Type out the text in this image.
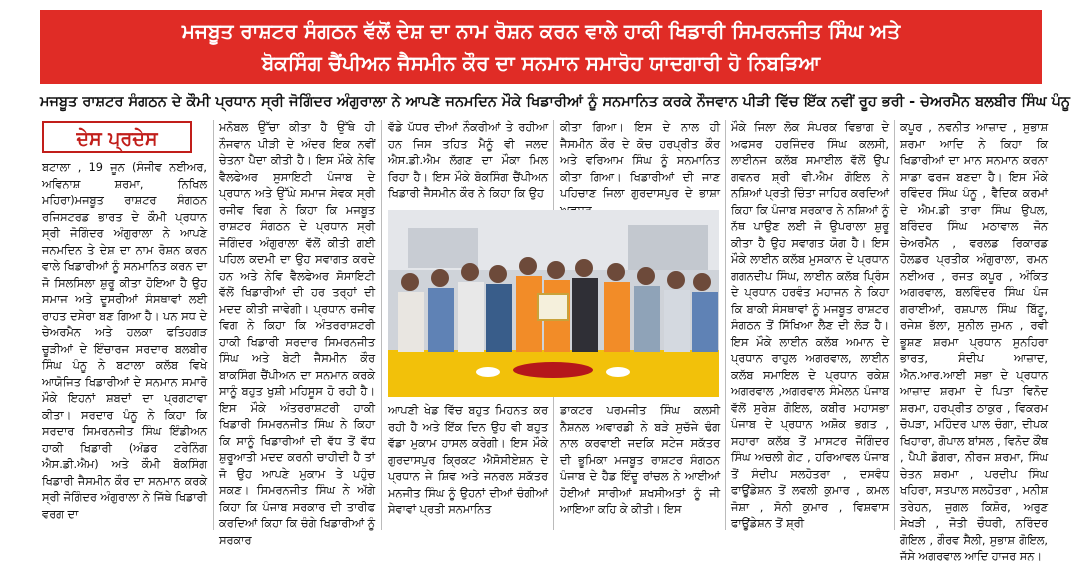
ਮਜਬੂਤ ਰਾਸ਼ਟਰ ਸੰਗਠਨ ਵੱਲੋਂ ਦੇਸ਼ ਦਾ ਨਾਮ ਰੋਸ਼ਨ ਕਰਨ ਵਾਲੇ ਹਾਕੀ ਖਿਡਾਰੀ ਸਿਮਰਨਜੀਤ ਸਿੰਘ ਅਤੇ
ਬੋਕਸਿੰਗ ਚੈਂਪੀਅਨ ਜੈਸਮੀਨ ਕੌਰ ਦਾ ਸਨਮਾਨ ਸਮਾਰੋਹ ਯਾਦਗਾਰੀ ਹੋ ਨਿਬੜਿਆ
ਮਜਬੂਤ ਰਾਸ਼ਟਰ ਸੰਗਠਨ ਦੇ ਕੌਮੀ ਪ੍ਰਧਾਨ ਸ੍ਰੀ ਜੋਗਿੰਦਰ ਅੰਗੁਰਾਲਾ ਨੇ ਆਪਣੇ ਜਨਮਦਿਨ ਮੌਕੇ ਖਿਡਾਰੀਆਂ ਨੂੰ ਸਨਮਾਨਿਤ ਕਰਕੇ ਨੌਜਵਾਨ ਪੀੜੀ ਵਿੱਚ ਇੱਕ ਨਵੀਂ ਰੂਹ ਭਰੀ - ਚੇਅਰਮੈਨ ਬਲਬੀਰ ਸਿੰਘ ਪੰਨੂ
ਦੇਸ ਪ੍ਰਦੇਸ

ਬਟਾਲਾ , 19 ਜੂਨ (ਸੰਜੀਵ ਨਈਅਰ, ਅਵਿਨਾਸ਼ ਸ਼ਰਮਾ, ਨਿਖਿਲ ਮਹਿਰਾ)ਮਜਬੂਤ ਰਾਸ਼ਟਰ ਸੰਗਠਨ ਰਜਿਸਟਰਡ ਭਾਰਤ ਦੇ ਕੌਮੀ ਪ੍ਰਧਾਨ ਸ੍ਰੀ ਜੋਗਿੰਦਰ ਅੰਗੁਰਾਲਾ ਨੇ ਆਪਣੇ ਜਨਮਦਿਨ ਤੇ ਦੇਸ਼ ਦਾ ਨਾਮ ਰੋਸ਼ਨ ਕਰਨ ਵਾਲੇ ਖਿਡਾਰੀਆਂ ਨੂੰ ਸਨਮਾਨਿਤ ਕਰਨ ਦਾ ਜੋ ਸਿਲਸਿਲਾ ਸ਼ੁਰੂ ਕੀਤਾ ਹੋਇਆ ਹੈ ਉਹ ਸਮਾਜ ਅਤੇ ਦੂਸਰੀਆਂ ਸੰਸਥਾਵਾਂ ਲਈ ਰਾਹਤ ਦਸੇਰਾ ਬਣ ਗਿਆ ਹੈ। ਪਨ ਸਧ ਦੇ ਚੇਅਰਮੈਨ ਅਤੇ ਹਲਕਾ ਫਤਿਹਗੜ ਚੂੜੀਆਂ ਦੇ ਇੰਚਾਰਜ ਸਰਦਾਰ ਬਲਬੀਰ ਸਿੰਘ ਪੰਨੂ ਨੇ ਬਟਾਲਾ ਕਲੱਬ ਵਿਖੇ ਆਯੋਜਿਤ ਖਿਡਾਰੀਆਂ ਦੇ ਸਨਮਾਨ ਸਮਾਰੋ ਮੌਕੇ ਇਹਨਾਂ ਸ਼ਬਦਾਂ ਦਾ ਪ੍ਰਗਟਾਵਾ ਕੀਤਾ। ਸਰਦਾਰ ਪੰਨੂ ਨੇ ਕਿਹਾ ਕਿ ਸਰਦਾਰ ਸਿਮਰਨਜੀਤ ਸਿੰਘ ਇੰਡੀਅਨ ਹਾਕੀ ਖਿਡਾਰੀ (ਅੰਡਰ ਟਰੇਨਿੰਗ ਐਸ.ਡੀ.ਐਮ) ਅਤੇ ਕੌਮੀ ਬੋਕਸਿੰਗ ਖਿਡਾਰੀ ਜੈਸਮੀਨ ਕੌਰ ਦਾ ਸਨਮਾਨ ਕਰਕੇ ਸ੍ਰੀ ਜੋਗਿੰਦਰ ਅੰਗੁਰਾਲਾ ਨੇ ਜਿੱਥੇ ਖਿਡਾਰੀ ਵਰਗ ਦਾ

ਮਨੋਬਲ ਉੱਚਾ ਕੀਤਾ ਹੈ ਉੱਥੇ ਹੀ ਨੌਜਵਾਨ ਪੀੜੀ ਦੇ ਅੰਦਰ ਇਕ ਨਵੀਂ ਚੇਤਨਾ ਪੈਦਾ ਕੀਤੀ ਹੈ। ਇਸ ਮੌਕੇ ਨੇਵਿ ਵੈਲਫੇਅਰ ਸੁਸਾਇਟੀ ਪੰਜਾਬ ਦੇ ਪ੍ਰਧਾਨ ਅਤੇ ਉੱਘੇ ਸਮਾਜ ਸੇਵਕ ਸ੍ਰੀ ਰਜੀਵ ਵਿਗ ਨੇ ਕਿਹਾ ਕਿ ਮਜਬੂਤ ਰਾਸ਼ਟਰ ਸੰਗਠਨ ਦੇ ਪ੍ਰਧਾਨ ਸ੍ਰੀ ਜੋਗਿੰਦਰ ਅੰਗੁਰਾਲਾ ਵੱਲੋਂ ਕੀਤੀ ਗਈ ਪਹਿਲ ਕਦਮੀ ਦਾ ਉਹ ਸਵਾਗਤ ਕਰਦੇ ਹਨ ਅਤੇ ਨੇਵਿ ਵੈਲਫੇਅਰ ਸੋਸਾਇਟੀ ਵੱਲੋਂ ਖਿਡਾਰੀਆਂ ਦੀ ਹਰ ਤਰ੍ਹਾਂ ਦੀ ਮਦਦ ਕੀਤੀ ਜਾਵੇਗੀ। ਪ੍ਰਧਾਨ ਰਜੀਵ ਵਿਗ ਨੇ ਕਿਹਾ ਕਿ ਅੰਤਰਰਾਸ਼ਟਰੀ ਹਾਕੀ ਖਿਡਾਰੀ ਸਰਦਾਰ ਸਿਮਰਨਜੀਤ ਸਿੰਘ ਅਤੇ ਬੇਟੀ ਜੈਸਮੀਨ ਕੌਰ ਬਾਕਸਿੰਗ ਚੈਂਪੀਅਨ ਦਾ ਸਨਮਾਨ ਕਰਕੇ ਸਾਨੂੰ ਬਹੁਤ ਖੁਸ਼ੀ ਮਹਿਸੂਸ ਹੋ ਰਹੀ ਹੈ। ਇਸ ਮੌਕੇ ਅੰਤਰਰਾਸ਼ਟਰੀ ਹਾਕੀ ਖਿਡਾਰੀ ਸਿਮਰਨਜੀਤ ਸਿੰਘ ਨੇ ਕਿਹਾ ਕਿ ਸਾਨੂੰ ਖਿਡਾਰੀਆਂ ਦੀ ਵੱਧ ਤੋਂ ਵੱਧ ਸ਼ੁਰੂਆਤੀ ਮਦਦ ਕਰਨੀ ਚਾਹੀਦੀ ਹੈ ਤਾਂ ਜੋ ਉਹ ਆਪਣੇ ਮੁਕਾਮ ਤੇ ਪਹੁੰਚ ਸਕਣ। ਸਿਮਰਨਜੀਤ ਸਿੰਘ ਨੇ ਅੱਗੇ ਕਿਹਾ ਕਿ ਪੰਜਾਬ ਸਰਕਾਰ ਦੀ ਤਾਰੀਫ ਕਰਦਿਆਂ ਕਿਹਾ ਕਿ ਚੰਗੇ ਖਿਡਾਰੀਆਂ ਨੂੰ ਸਰਕਾਰ

ਵੱਡੇ ਪੱਧਰ ਦੀਆਂ ਨੌਕਰੀਆਂ ਤੇ ਰਹੀਆ ਹਨ ਜਿਸ ਤਹਿਤ ਮੈਨੂੰ ਵੀ ਜਲਦ ਐਸ.ਡੀ.ਐਮ ਲੱਗਣ ਦਾ ਮੌਕਾ ਮਿਲ ਰਿਹਾ ਹੈ। ਇਸ ਮੌਕੇ ਬੋਕਸਿੰਗ ਚੈਂਪੀਅਨ ਖਿਡਾਰੀ ਜੈਸਮੀਨ ਕੌਰ ਨੇ ਕਿਹਾ ਕਿ ਉਹ

ਕੀਤਾ ਗਿਆ। ਇਸ ਦੇ ਨਾਲ ਹੀ ਜੈਸਮੀਨ ਕੌਰ ਦੇ ਕੋਚ ਹਰਪ੍ਰੀਤ ਕੌਰ ਅਤੇ ਵਰਿਆਮ ਸਿੰਘ ਨੂੰ ਸਨਮਾਨਿਤ ਕੀਤਾ ਗਿਆ। ਖਿਡਾਰੀਆਂ ਦੀ ਜਾਣ ਪਹਿਚਾਣ ਜਿਲਾ ਗੁਰਦਾਸਪੁਰ ਦੇ ਭਾਸ਼ਾ

ਮੌਕੇ ਜਿਲਾ ਲੋਕ ਸੰਪਰਕ ਵਿਭਾਗ ਦੇ ਅਫਸਰ ਹਰਜਿੰਦਰ ਸਿੰਘ ਕਲਸੀ, ਲਾਈਨਜ ਕਲੱਬ ਸਮਾਈਲ ਵੱਲੋਂ ਉਪ ਗਵਨਰ ਸ਼੍ਰੀ ਵੀ.ਐਮ ਗੋਇਲ ਨੇ ਨਸ਼ਿਆਂ ਪ੍ਰਤੀ ਚਿੰਤਾ ਜਾਹਿਰ ਕਰਦਿਆਂ ਕਿਹਾ ਕਿ ਪੰਜਾਬ ਸਰਕਾਰ ਨੇ ਨਸ਼ਿਆਂ ਨੂੰ ਨੱਥ ਪਾਉਣ ਲਈ ਜੋ ਉਪਰਾਲਾ ਸ਼ੁਰੂ ਕੀਤਾ ਹੈ ਉਹ ਸਵਾਗਤ ਯੋਗ ਹੈ। ਇਸ ਮੌਕੇ ਲਾਈਨ ਕਲੱਬ ਮੁਸਕਾਨ ਦੇ ਪ੍ਰਧਾਨ ਗਗਨਦੀਪ ਸਿੰਘ, ਲਾਈਨ ਕਲੱਬ ਪ੍ਰਿੰਸ ਦੇ ਪ੍ਰਧਾਨ ਹਰਵੰਤ ਮਹਾਜਨ ਨੇ ਕਿਹਾ ਕਿ ਬਾਕੀ ਸੰਸਥਾਵਾਂ ਨੂੰ ਮਜਬੂਤ ਰਾਸ਼ਟਰ ਸੰਗਠਨ ਤੋਂ ਸਿੱਖਿਆ ਲੈਣ ਦੀ ਲੋੜ ਹੈ। ਇਸ ਮੌਕੇ ਲਾਈਨ ਕਲੱਬ ਅਮਾਨ ਦੇ ਪ੍ਰਧਾਨ ਰਾਹੁਲ ਅਗਰਵਾਲ, ਲਾਈਨ ਕਲੱਬ ਸਮਾਇਲ ਦੇ ਪ੍ਰਧਾਨ ਰਕੇਸ਼ ਅਗਰਵਾਲ ,ਅਗਰਵਾਲ ਸੰਮੇਲਨ ਪੰਜਾਬ ਵੱਲੋਂ ਸੁਰੇਸ਼ ਗੋਇਲ, ਕਬੀਰ ਮਹਾਸਭਾ ਪੰਜਾਬ ਦੇ ਪ੍ਰਧਾਨ ਅਸ਼ੋਕ ਭਗਤ , ਸਹਾਰਾ ਕਲੱਬ ਤੋਂ ਮਾਸਟਰ ਜੋਗਿੰਦਰ ਸਿੰਘ ਅਚਲੀ ਗੇਟ , ਹਰਿਆਵਲ ਪੰਜਾਬ ਤੋਂ ਸੰਦੀਪ ਸਲਹੋਤਰਾ , ਦਸਵੰਧ ਫਾਊਂਡੇਸ਼ਨ ਤੋਂ ਲਵਲੀ ਕੁਮਾਰ , ਕਮਲ ਜੋਸ਼ਾ , ਸੋਨੀ ਕੁਮਾਰ , ਵਿਸ਼ਵਾਸ ਫਾਊਂਡੇਸ਼ਨ ਤੋਂ ਸ਼੍ਰੀ

ਕਪੂਰ , ਨਵਨੀਤ ਆਜ਼ਾਦ , ਸੁਭਾਸ਼ ਸ਼ਰਮਾ ਆਦਿ ਨੇ ਕਿਹਾ ਕਿ ਖਿਡਾਰੀਆਂ ਦਾ ਮਾਨ ਸਨਮਾਨ ਕਰਨਾ ਸਾਡਾ ਫਰਜ ਬਣਦਾ ਹੈ। ਇਸ ਮੌਕੇ ਰਵਿੰਦਰ ਸਿੰਘ ਪੰਨੂ , ਵੈਦਿਕ ਕਰਮਾਂ ਦੇ ਐਮ.ਡੀ ਤਾਰਾ ਸਿੰਘ ਉਪਲ, ਬਰਿੰਦਰ ਸਿੰਘ ਮਠਾਵਾਲ ਜੋਨ ਚੇਅਰਮੈਨ , ਵਰਲਡ ਰਿਕਾਰਡ ਹੋਲਡਰ ਪ੍ਰਤੀਕ ਅੰਗੁਰਾਲਾ, ਰਮਨ ਨਈਅਰ , ਰਜਤ ਕਪੂਰ , ਅੰਕਿਤ ਅਗਰਵਾਲ, ਬਲਵਿੰਦਰ ਸਿੰਘ ਪੰਜ ਗਰਾਈਆਂ, ਰਸ਼ਪਾਲ ਸਿੰਘ ਬਿੱਟੂ, ਰਜੇਸ਼ ਭੱਲਾ, ਸੁਨੀਲ ਜੁਮਨ , ਰਵੀ ਭੂਸ਼ਣ ਸ਼ਰਮਾ ਪ੍ਰਧਾਨ ਸੁਨਹਿਰਾ ਭਾਰਤ, ਸੰਦੀਪ ਆਜ਼ਾਦ, ਐਨ.ਆਰ.ਆਈ ਸਭਾ ਦੇ ਪ੍ਰਧਾਨ ਆਜ਼ਾਦ ਸ਼ਰਮਾ ਦੇ ਪਿਤਾ ਵਿਨੋਦ ਸ਼ਰਮਾ, ਹਰਪ੍ਰੀਤ ਠਾਕੁਰ , ਵਿਕਰਮ ਚੋਪੜਾ, ਮਹਿੰਦਰ ਪਾਲ ਚੰਗਾ, ਦੀਪਕ ਖਿਹਾਰਾ, ਗੋਪਾਲ ਬਾਂਸਲ , ਵਿਨੋਦ ਕੌਂਥ , ਪੈਪੀ ਡੋਗਰਾ, ਨੀਰਜ ਸ਼ਰਮਾ, ਸਿੰਘ ਚੇਤਨ ਸ਼ਰਮਾ , ਪਰਦੀਪ ਸਿੰਘ ਖਹਿਰਾ, ਸਤਪਾਲ ਸਲਹੋਤਰਾ , ਮਨੀਸ਼ ਤਰੇਹਨ, ਜੁਗਲ ਕਿਸ਼ੋਰ, ਅਰੁਣ ਸੇਖੜੀ , ਜੋਤੀ ਚੌਧਰੀ, ਨਰਿੰਦਰ ਗੋਇਲ , ਗੌਰਵ ਸੈਲੀ, ਸੁਭਾਸ਼ ਗੋਇਲ, ਜੱਸੇ ਅਗਰਵਾਲ ਆਦਿ ਹਾਜਰ ਸਨ।

ਆਪਣੀ ਖੇਡ ਵਿੱਚ ਬਹੁਤ ਮਿਹਨਤ ਕਰ ਰਹੀ ਹੈ ਅਤੇ ਇੱਕ ਦਿਨ ਉਹ ਵੀ ਬਹੁਤ ਵੱਡਾ ਮੁਕਾਮ ਹਾਸਲ ਕਰੇਗੀ। ਇਸ ਮੌਕੇ ਗੁਰਦਾਸਪੁਰ ਕ੍ਰਿਕਟ ਐਸੋਸੀਏਸ਼ਨ ਦੇ ਪ੍ਰਧਾਨ ਜੇ ਸ਼ਿਵ ਅਤੇ ਜਨਰਲ ਸਕੱਤਰ ਮਨਜੀਤ ਸਿੰਘ ਨੂੰ ਉਹਨਾਂ ਦੀਆਂ ਚੰਗੀਆਂ ਸੇਵਾਵਾਂ ਪ੍ਰਤੀ ਸਨਮਾਨਿਤ

ਡਾਕਟਰ ਪਰਮਜੀਤ ਸਿੰਘ ਕਲਸੀ ਨੈਸ਼ਨਲ ਅਵਾਰਡੀ ਨੇ ਬੜੇ ਸੁਚੱਜੇ ਢੰਗ ਨਾਲ ਕਰਵਾਈ ਜਦਕਿ ਸਟੇਜ ਸਕੱਤਰ ਦੀ ਭੂਮਿਕਾ ਮਜਬੂਤ ਰਾਸ਼ਟਰ ਸੰਗਠਨ ਪੰਜਾਬ ਦੇ ਹੈਡ ਇੰਦੂ ਰਾਂਚਲ ਨੇ ਆਈਆਂ ਹੋਈਆਂ ਸਾਰੀਆਂ ਸ਼ਖਸੀਅਤਾਂ ਨੂੰ ਜੀ ਆਇਆ ਕਹਿ ਕੇ ਕੀਤੀ। ਇਸ
